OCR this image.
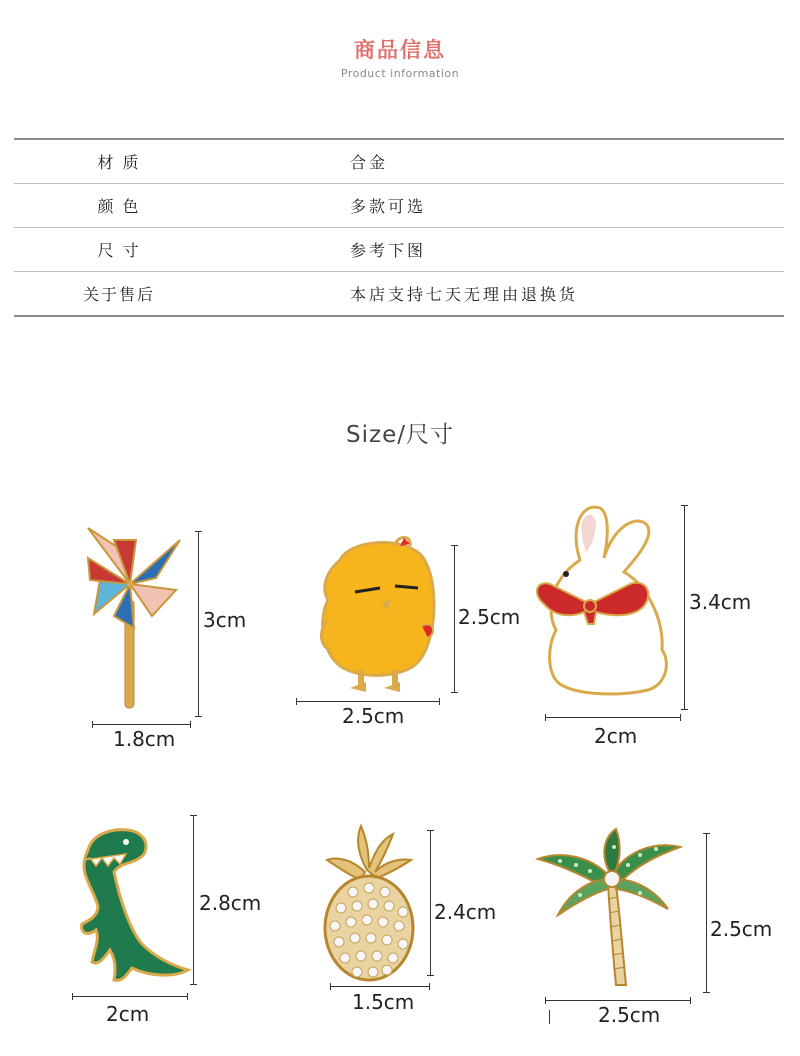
商品信息
Product information
材 质	合金
颜 色	多款可选
尺 寸	参考下图
关于售后	本店支持七天无理由退换货
Size/尺寸
3cm
1.8cm
2.5cm
2.5cm
3.4cm
2cm
2.8cm
2cm
2.4cm
1.5cm
2.5cm
2.5cm
